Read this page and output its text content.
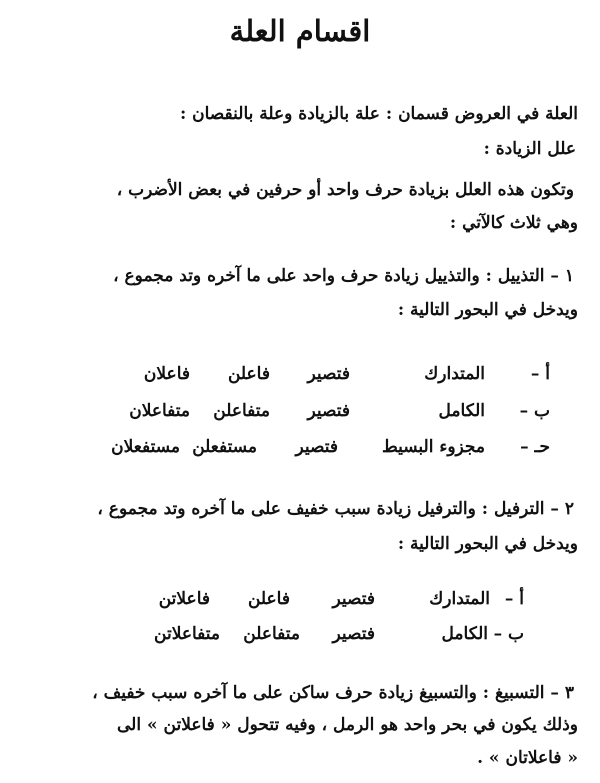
اقسام العلة
العلة في العروض قسمان : علة بالزيادة وعلة بالنقصان :
علل الزيادة :
وتكون هذه العلل بزيادة حرف واحد أو حرفين في بعض الأضرب ،
وهي ثلاث كالآتي :
١ – التذييل : والتذييل زيادة حرف واحد على ما آخره وتد مجموع ،
ويدخل في البحور التالية :
أ –
المتدارك
فتصير
فاعلن
فاعلان
ب –
الكامل
فتصير
متفاعلن
متفاعلان
حـ –
مجزوء البسيط
فتصير
مستفعلن
مستفعلان
٢ – الترفيل : والترفيل زيادة سبب خفيف على ما آخره وتد مجموع ،
ويدخل في البحور التالية :
أ –
المتدارك
فتصير
فاعلن
فاعلاتن
ب –
الكامل
فتصير
متفاعلن
متفاعلاتن
٣ – التسبيغ : والتسبيغ زيادة حرف ساكن على ما آخره سبب خفيف ،
وذلك يكون في بحر واحد هو الرمل ، وفيه تتحول « فاعلاتن » الى
« فاعلاتان » .
